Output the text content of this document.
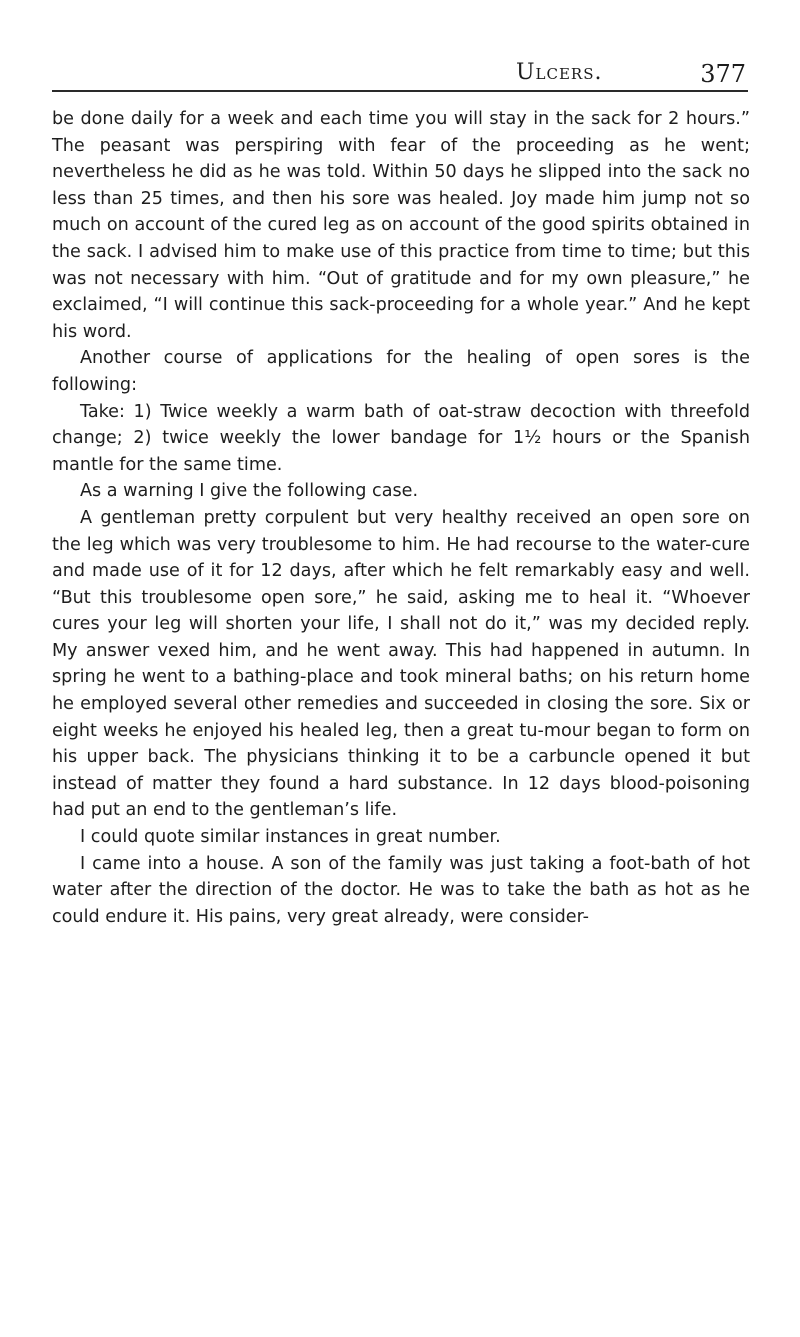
Ulcers.	377

be done daily for a week and each time you will stay in the sack for 2 hours.” The peasant was perspiring with fear of the proceeding as he went; nevertheless he did as he was told. Within 50 days he slipped into the sack no less than 25 times, and then his sore was healed. Joy made him jump not so much on account of the cured leg as on account of the good spirits obtained in the sack. I advised him to make use of this practice from time to time; but this was not necessary with him. “Out of gratitude and for my own pleasure,” he exclaimed, “I will continue this sack-proceeding for a whole year.” And he kept his word.

Another course of applications for the healing of open sores is the following:

Take: 1) Twice weekly a warm bath of oat-straw decoction with threefold change; 2) twice weekly the lower bandage for 1½ hours or the Spanish mantle for the same time.

As a warning I give the following case.

A gentleman pretty corpulent but very healthy received an open sore on the leg which was very troublesome to him. He had recourse to the water-cure and made use of it for 12 days, after which he felt remarkably easy and well. “But this troublesome open sore,” he said, asking me to heal it. “Whoever cures your leg will shorten your life, I shall not do it,” was my decided reply. My answer vexed him, and he went away. This had happened in autumn. In spring he went to a bathing-place and took mineral baths; on his return home he employed several other remedies and succeeded in closing the sore. Six or eight weeks he enjoyed his healed leg, then a great tu-mour began to form on his upper back. The physicians thinking it to be a carbuncle opened it but instead of matter they found a hard substance. In 12 days blood-poisoning had put an end to the gentleman’s life.

I could quote similar instances in great number.

I came into a house. A son of the family was just taking a foot-bath of hot water after the direction of the doctor. He was to take the bath as hot as he could endure it. His pains, very great already, were consider-
